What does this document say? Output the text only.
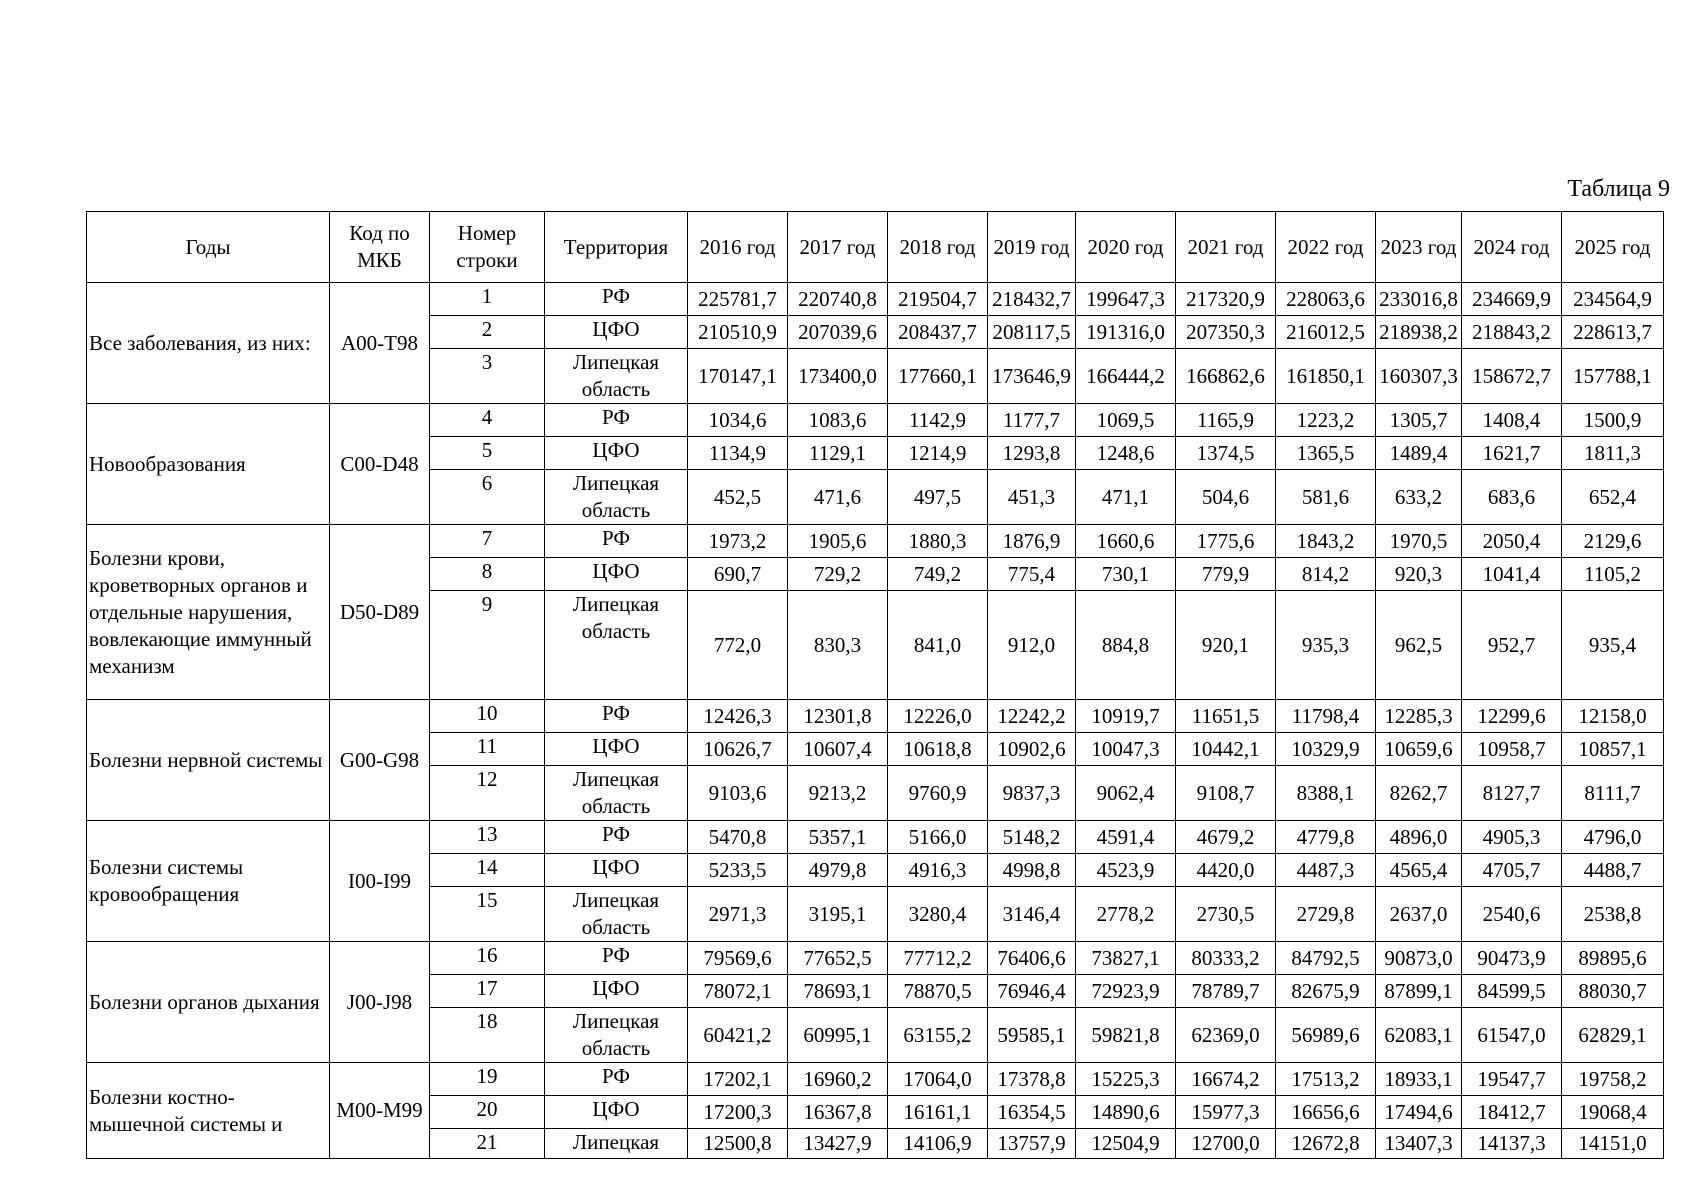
Таблица 9
Годы	Код по МКБ	Номер строки	Территория	2016 год	2017 год	2018 год	2019 год	2020 год	2021 год	2022 год	2023 год	2024 год	2025 год
Все заболевания, из них:	A00-T98	1	РФ	225781,7	220740,8	219504,7	218432,7	199647,3	217320,9	228063,6	233016,8	234669,9	234564,9
		2	ЦФО	210510,9	207039,6	208437,7	208117,5	191316,0	207350,3	216012,5	218938,2	218843,2	228613,7
		3	Липецкая область	170147,1	173400,0	177660,1	173646,9	166444,2	166862,6	161850,1	160307,3	158672,7	157788,1
Новообразования	C00-D48	4	РФ	1034,6	1083,6	1142,9	1177,7	1069,5	1165,9	1223,2	1305,7	1408,4	1500,9
		5	ЦФО	1134,9	1129,1	1214,9	1293,8	1248,6	1374,5	1365,5	1489,4	1621,7	1811,3
		6	Липецкая область	452,5	471,6	497,5	451,3	471,1	504,6	581,6	633,2	683,6	652,4
Болезни крови, кроветворных органов и отдельные нарушения, вовлекающие иммунный механизм	D50-D89	7	РФ	1973,2	1905,6	1880,3	1876,9	1660,6	1775,6	1843,2	1970,5	2050,4	2129,6
		8	ЦФО	690,7	729,2	749,2	775,4	730,1	779,9	814,2	920,3	1041,4	1105,2
		9	Липецкая область	772,0	830,3	841,0	912,0	884,8	920,1	935,3	962,5	952,7	935,4
Болезни нервной системы	G00-G98	10	РФ	12426,3	12301,8	12226,0	12242,2	10919,7	11651,5	11798,4	12285,3	12299,6	12158,0
		11	ЦФО	10626,7	10607,4	10618,8	10902,6	10047,3	10442,1	10329,9	10659,6	10958,7	10857,1
		12	Липецкая область	9103,6	9213,2	9760,9	9837,3	9062,4	9108,7	8388,1	8262,7	8127,7	8111,7
Болезни системы кровообращения	I00-I99	13	РФ	5470,8	5357,1	5166,0	5148,2	4591,4	4679,2	4779,8	4896,0	4905,3	4796,0
		14	ЦФО	5233,5	4979,8	4916,3	4998,8	4523,9	4420,0	4487,3	4565,4	4705,7	4488,7
		15	Липецкая область	2971,3	3195,1	3280,4	3146,4	2778,2	2730,5	2729,8	2637,0	2540,6	2538,8
Болезни органов дыхания	J00-J98	16	РФ	79569,6	77652,5	77712,2	76406,6	73827,1	80333,2	84792,5	90873,0	90473,9	89895,6
		17	ЦФО	78072,1	78693,1	78870,5	76946,4	72923,9	78789,7	82675,9	87899,1	84599,5	88030,7
		18	Липецкая область	60421,2	60995,1	63155,2	59585,1	59821,8	62369,0	56989,6	62083,1	61547,0	62829,1
Болезни костно-мышечной системы и	M00-M99	19	РФ	17202,1	16960,2	17064,0	17378,8	15225,3	16674,2	17513,2	18933,1	19547,7	19758,2
		20	ЦФО	17200,3	16367,8	16161,1	16354,5	14890,6	15977,3	16656,6	17494,6	18412,7	19068,4
		21	Липецкая	12500,8	13427,9	14106,9	13757,9	12504,9	12700,0	12672,8	13407,3	14137,3	14151,0
